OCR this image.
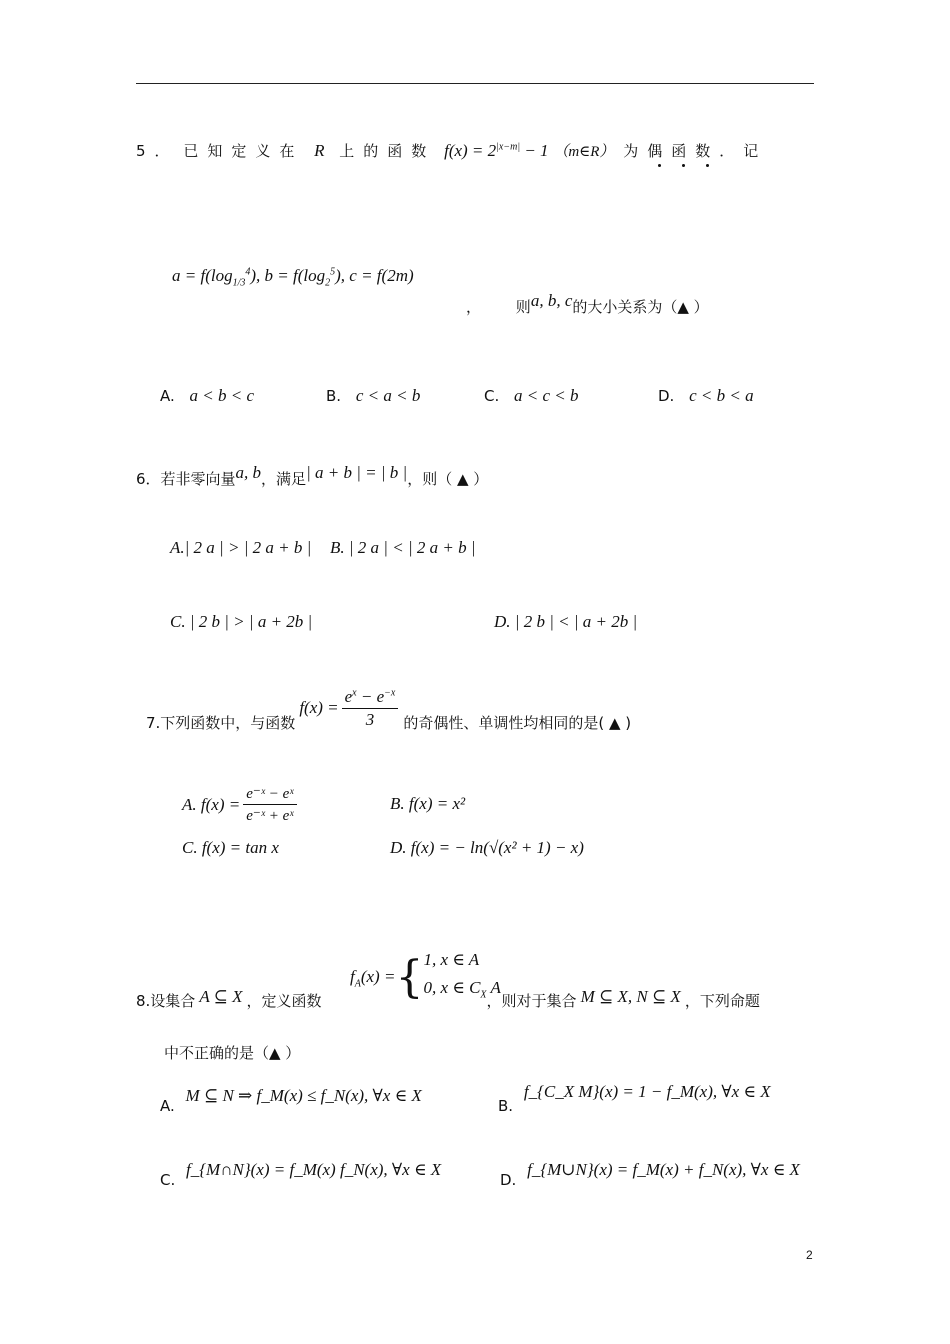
5． 已知定义在 R 上的函数 $f(x) = 2^{|x-m|} - 1$ （m∈R） 为偶函数．记
$a = f(\log_{1/3}^4)$, $b = f(\log_2^5)$, c = f(2m)
， 则a, b, c的大小关系为（▲ ）
A. a < b < c	B. c < a < b	C. a < c < b	D. c < b < a
6．若非零向量a, b，满足| a + b | = | b |，则（ ▲ ）
A.| 2 a | > | 2 a + b | B. | 2 a | < | 2 a + b |
C. | 2 b | > | a + 2b |	D. | 2 b | < | a + 2b |
7.下列函数中，与函数
$f(x) = \frac{e^x - e^{-x}}{3}$ 的奇偶性、单调性均相同的是( ▲ )
A. $f(x) = \frac{\text{e⁻ˣ − eˣ}}{\text{e⁻ˣ + eˣ}}$	B. f(x) = x²
C. f(x) = tan x	D. f(x) = − ln(√(x² + 1) − x)
$f_A(x)$ = { 1, x ∈ A
0, x ∈ $C_X$ A
8.设集合 A ⊆ X ，定义函数	，则对于集合 M ⊆ X, N ⊆ X ，下列命题
中不正确的是（▲ ）
A. M ⊆ N ⇒ f_M(x) ≤ f_N(x), ∀x ∈ X
B. f_{C_X M}(x) = 1 − f_M(x), ∀x ∈ X
C. f_{M∩N}(x) = f_M(x) f_N(x), ∀x ∈ X
D. f_{M∪N}(x) = f_M(x) + f_N(x), ∀x ∈ X
2
